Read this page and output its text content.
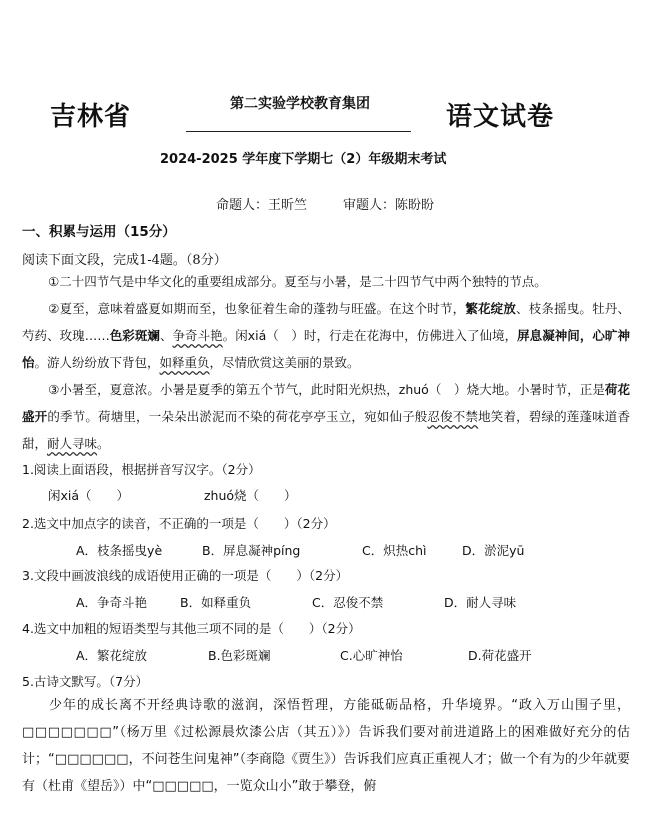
吉林省	第二实验学校教育集团	语文试卷
2024-2025 学年度下学期七（2）年级期末考试
命题人：王昕竺	审题人：陈盼盼
一、积累与运用（15分）
阅读下面文段，完成1-4题。（8分）
①二十四节气是中华文化的重要组成部分。夏至与小暑，是二十四节气中两个独特的节点。
②夏至，意味着盛夏如期而至，也象征着生命的蓬勃与旺盛。在这个时节，繁花绽放、枝条摇曳。牡丹、芍药、玫瑰……色彩斑斓、争奇斗艳。闲xiá（　）时，行走在花海中，仿佛进入了仙境，屏息凝神间，心旷神怡。游人纷纷放下背包，如释重负，尽情欣赏这美丽的景致。
③小暑至，夏意浓。小暑是夏季的第五个节气，此时阳光炽热，zhuó（　）烧大地。小暑时节，正是荷花盛开的季节。荷塘里，一朵朵出淤泥而不染的荷花亭亭玉立，宛如仙子般忍俊不禁地笑着，碧绿的莲蓬味道香甜，耐人寻味。
1.阅读上面语段，根据拼音写汉字。（2分）
闲xiá（　　）	zhuó烧（　　）
2.选文中加点字的读音，不正确的一项是（　　）（2分）
A．枝条摇曳yè	B．屏息凝神píng	C．炽热chì	D．淤泥yū
3.文段中画波浪线的成语使用正确的一项是（　　）（2分）
A．争奇斗艳	B．如释重负	C．忍俊不禁	D．耐人寻味
4.选文中加粗的短语类型与其他三项不同的是（　　）（2分）
A．繁花绽放	B.色彩斑斓	C.心旷神怡	D.荷花盛开
5.古诗文默写。（7分）
少年的成长离不开经典诗歌的滋润，深悟哲理，方能砥砺品格，升华境界。“政入万山围子里，□□□□□□□”（杨万里《过松源晨炊漆公店（其五）》）告诉我们要对前进道路上的困难做好充分的估计；“□□□□□□，不问苍生问鬼神”（李商隐《贾生》）告诉我们应真正重视人才；做一个有为的少年就要有（杜甫《望岳》）中“□□□□□，一览众山小”敢于攀登，俯
